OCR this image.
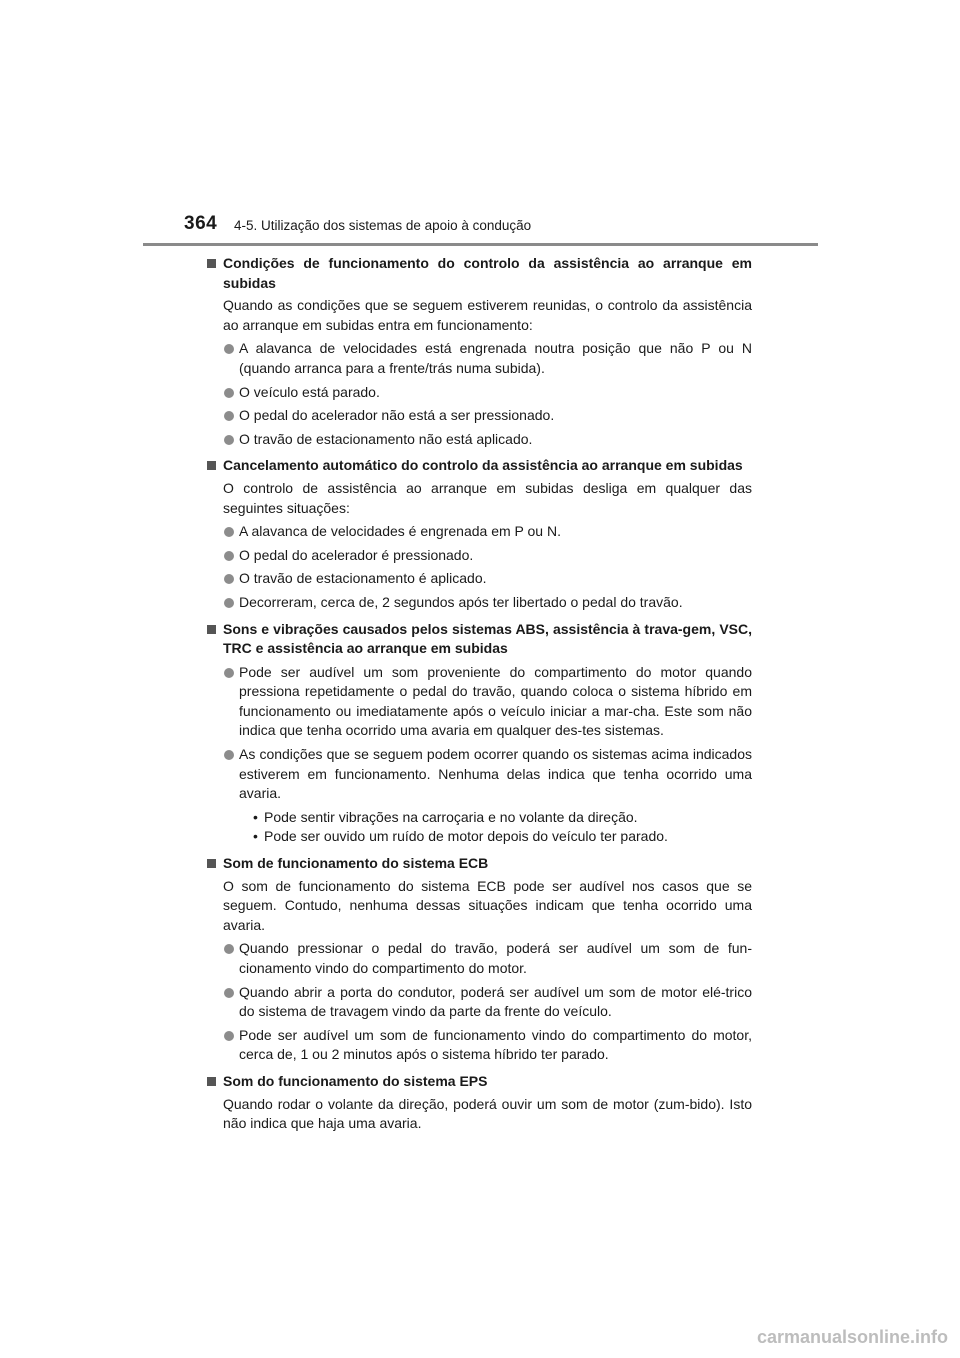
364 4-5. Utilização dos sistemas de apoio à condução

Condições de funcionamento do controlo da assistência ao arranque em subidas

Quando as condições que se seguem estiverem reunidas, o controlo da assistência ao arranque em subidas entra em funcionamento:

A alavanca de velocidades está engrenada noutra posição que não P ou N (quando arranca para a frente/trás numa subida).
O veículo está parado.
O pedal do acelerador não está a ser pressionado.
O travão de estacionamento não está aplicado.

Cancelamento automático do controlo da assistência ao arranque em subidas

O controlo de assistência ao arranque em subidas desliga em qualquer das seguintes situações:

A alavanca de velocidades é engrenada em P ou N.
O pedal do acelerador é pressionado.
O travão de estacionamento é aplicado.
Decorreram, cerca de, 2 segundos após ter libertado o pedal do travão.

Sons e vibrações causados pelos sistemas ABS, assistência à trava-gem, VSC, TRC e assistência ao arranque em subidas

Pode ser audível um som proveniente do compartimento do motor quando pressiona repetidamente o pedal do travão, quando coloca o sistema híbrido em funcionamento ou imediatamente após o veículo iniciar a mar-cha. Este som não indica que tenha ocorrido uma avaria em qualquer des-tes sistemas.
As condições que se seguem podem ocorrer quando os sistemas acima indicados estiverem em funcionamento. Nenhuma delas indica que tenha ocorrido uma avaria.

• Pode sentir vibrações na carroçaria e no volante da direção.

• Pode ser ouvido um ruído de motor depois do veículo ter parado.

Som de funcionamento do sistema ECB

O som de funcionamento do sistema ECB pode ser audível nos casos que se seguem. Contudo, nenhuma dessas situações indicam que tenha ocorrido uma avaria.

Quando pressionar o pedal do travão, poderá ser audível um som de fun-cionamento vindo do compartimento do motor.
Quando abrir a porta do condutor, poderá ser audível um som de motor elé-trico do sistema de travagem vindo da parte da frente do veículo.
Pode ser audível um som de funcionamento vindo do compartimento do motor, cerca de, 1 ou 2 minutos após o sistema híbrido ter parado.

Som do funcionamento do sistema EPS

Quando rodar o volante da direção, poderá ouvir um som de motor (zum-bido). Isto não indica que haja uma avaria.

carmanualsonline.info
